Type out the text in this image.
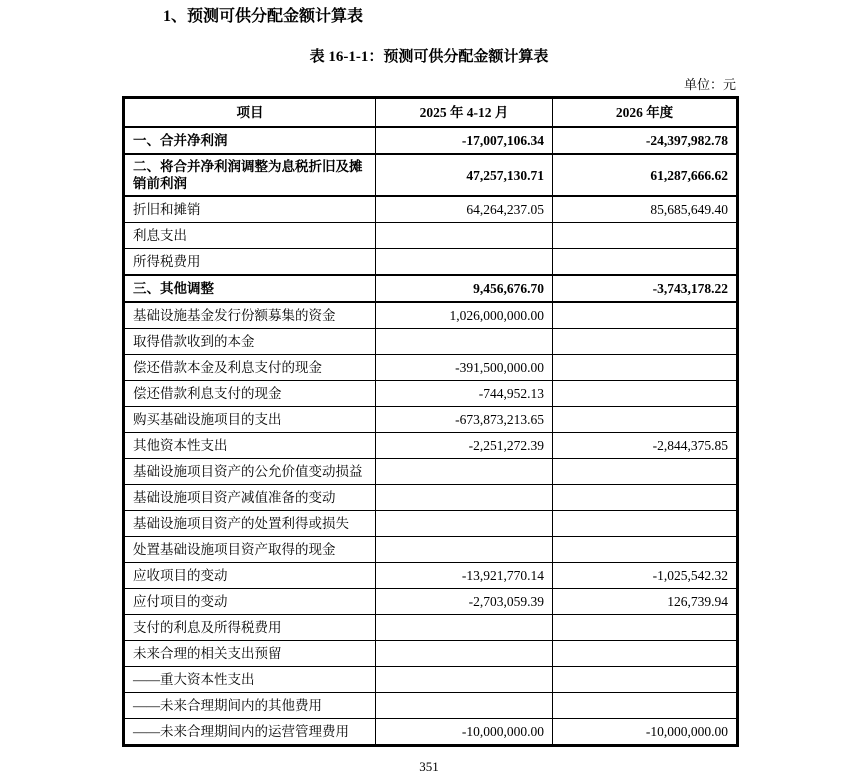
1、预测可供分配金额计算表
表 16-1-1：预测可供分配金额计算表
单位：元
项目	2025 年 4-12 月	2026 年度
一、合并净利润	-17,007,106.34	-24,397,982.78
二、将合并净利润调整为息税折旧及摊销前利润	47,257,130.71	61,287,666.62
折旧和摊销	64,264,237.05	85,685,649.40
利息支出		
所得税费用		
三、其他调整	9,456,676.70	-3,743,178.22
基础设施基金发行份额募集的资金	1,026,000,000.00	
取得借款收到的本金		
偿还借款本金及利息支付的现金	-391,500,000.00	
偿还借款利息支付的现金	-744,952.13	
购买基础设施项目的支出	-673,873,213.65	
其他资本性支出	-2,251,272.39	-2,844,375.85
基础设施项目资产的公允价值变动损益		
基础设施项目资产减值准备的变动		
基础设施项目资产的处置利得或损失		
处置基础设施项目资产取得的现金		
应收项目的变动	-13,921,770.14	-1,025,542.32
应付项目的变动	-2,703,059.39	126,739.94
支付的利息及所得税费用		
未来合理的相关支出预留		
——重大资本性支出		
——未来合理期间内的其他费用		
——未来合理期间内的运营管理费用	-10,000,000.00	-10,000,000.00
351
